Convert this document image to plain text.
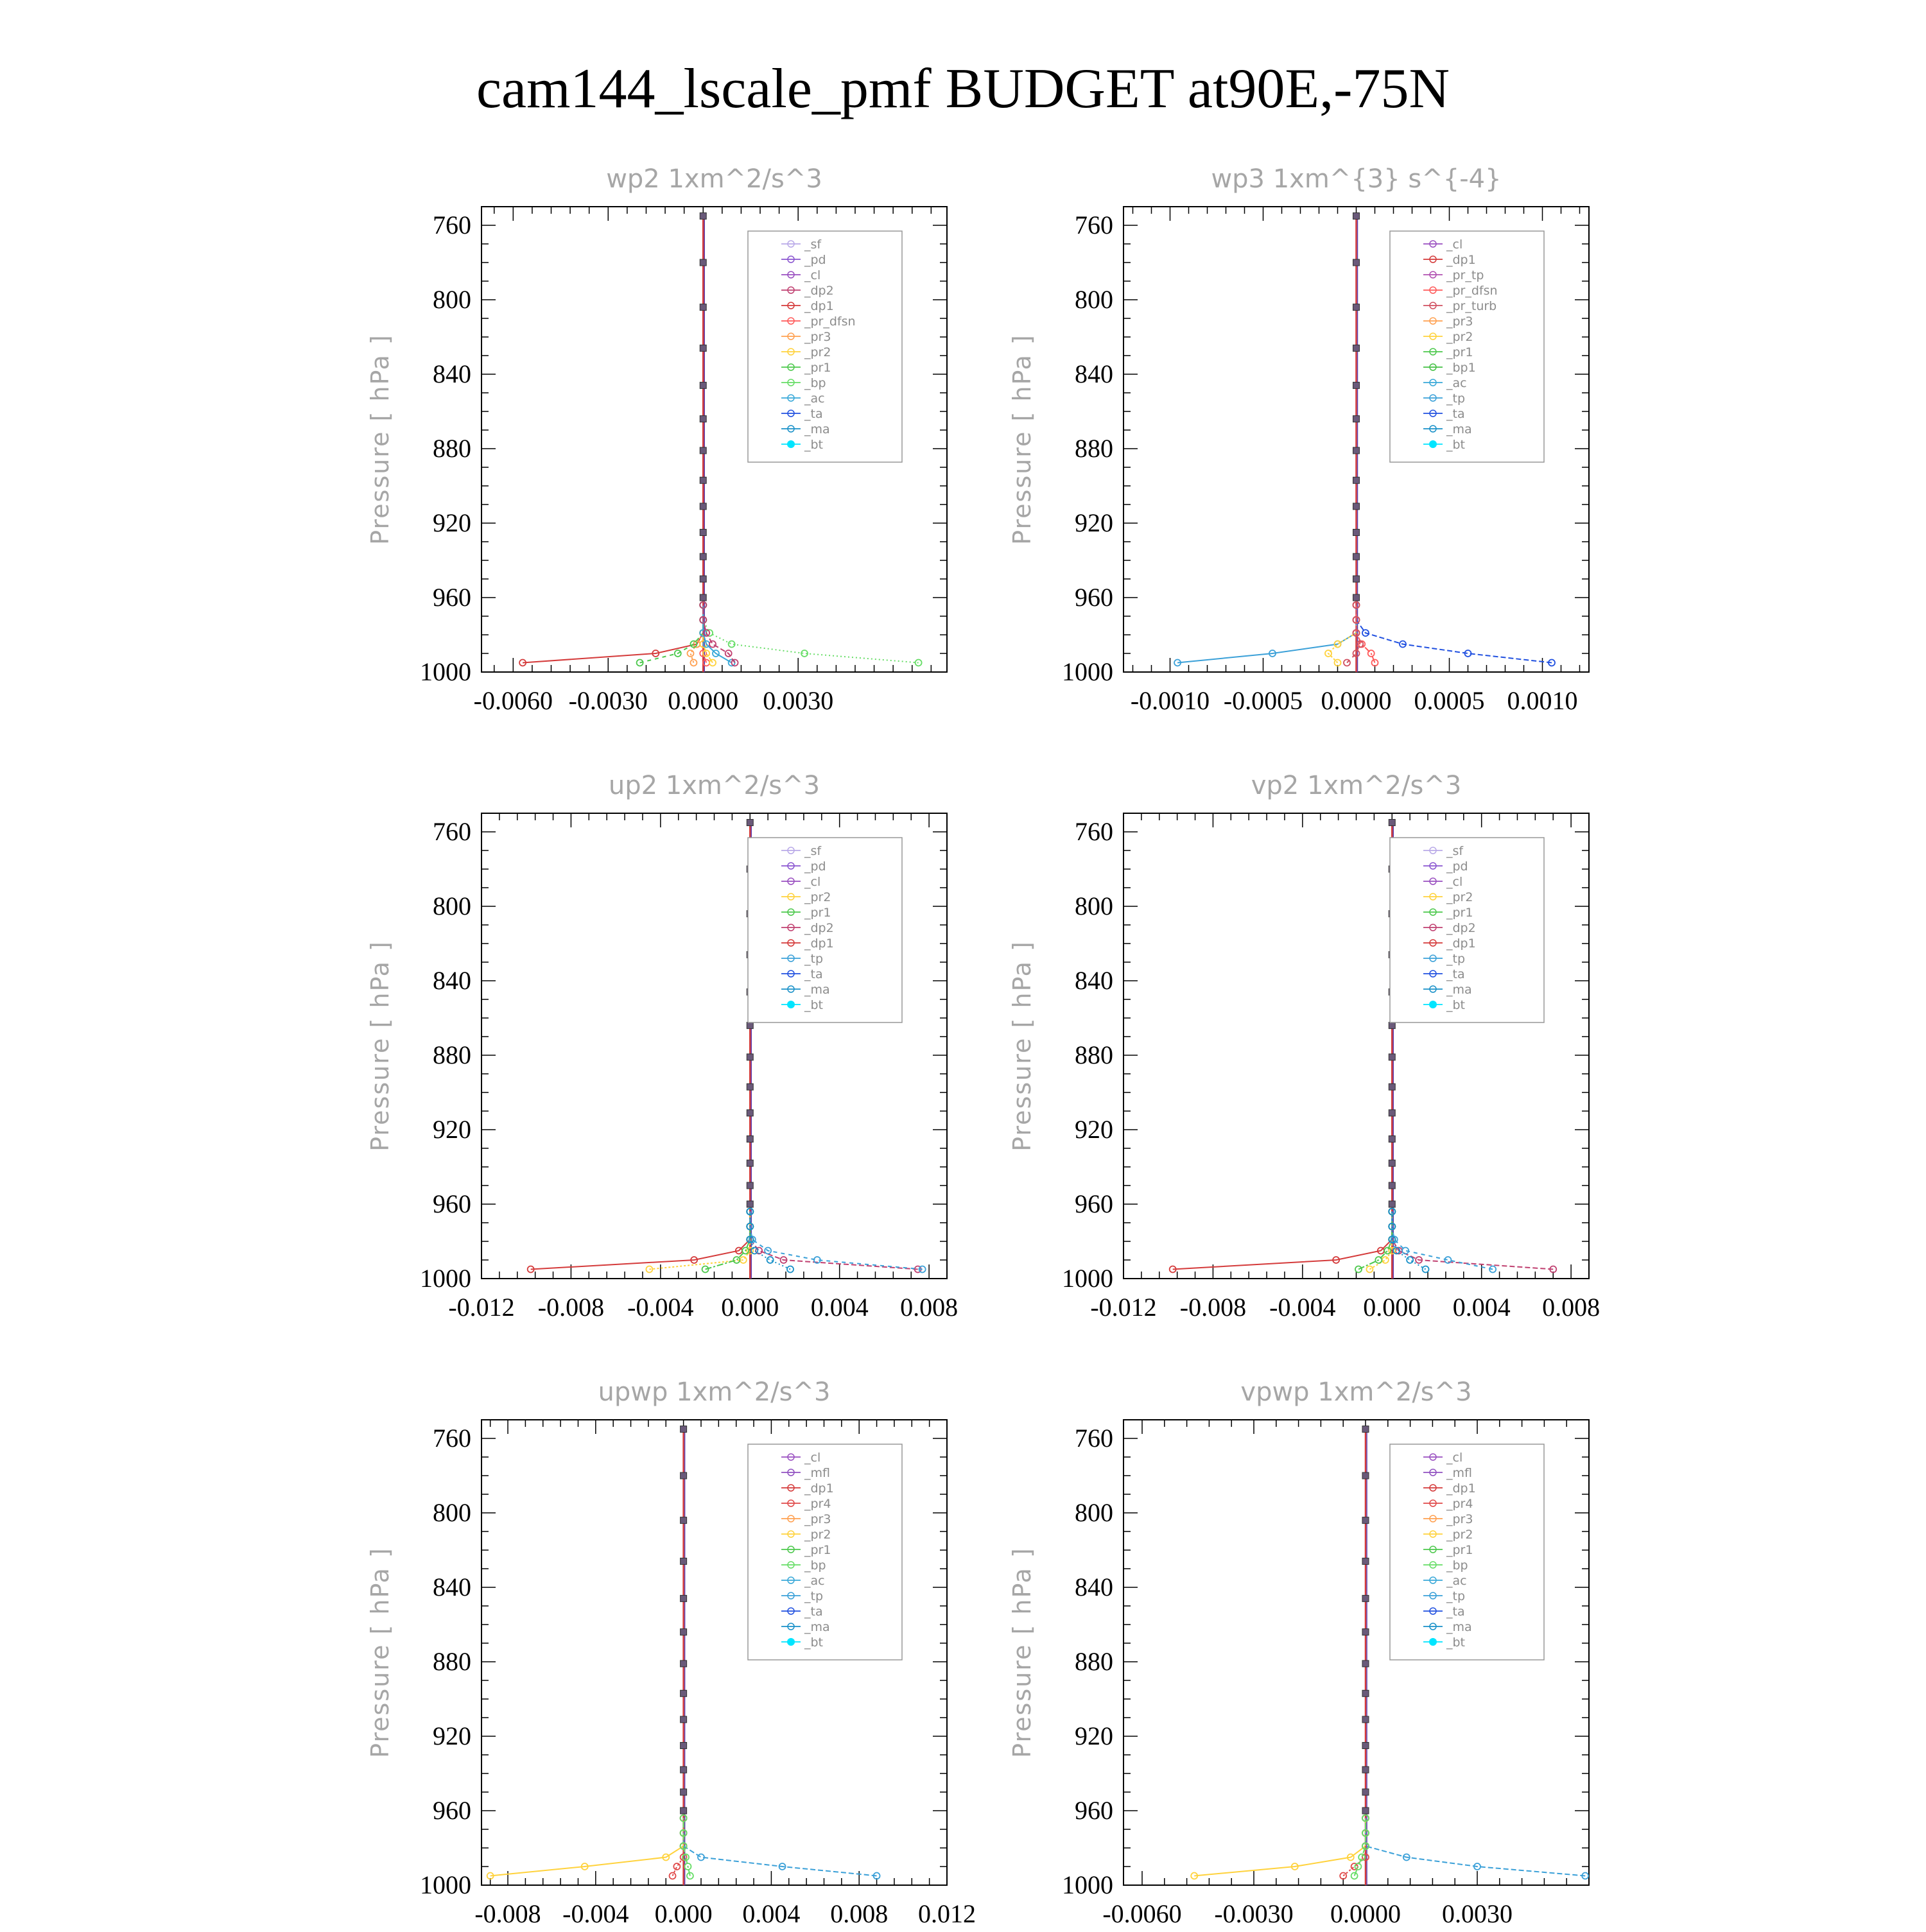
cam144_lscale_pmf BUDGET at90E,-75N
wp2 1xm^2/s^3
Pressure [ hPa ]
760
800
840
880
920
960
1000
-0.0060 -0.0030 0.0000 0.0030
_sf
_pd
_cl
_dp2
_dp1
_pr_dfsn
_pr3
_pr2
_pr1
_bp
_ac
_ta
_ma
_bt
wp3 1xm^{3} s^{-4}
Pressure [ hPa ]
760
800
840
880
920
960
1000
-0.0010 -0.0005 0.0000 0.0005 0.0010
_cl
_dp1
_pr_tp
_pr_dfsn
_pr_turb
_pr3
_pr2
_pr1
_bp1
_ac
_tp
_ta
_ma
_bt
up2 1xm^2/s^3
Pressure [ hPa ]
760
800
840
880
920
960
1000
-0.012 -0.008 -0.004 0.000 0.004 0.008
_sf
_pd
_cl
_pr2
_pr1
_dp2
_dp1
_tp
_ta
_ma
_bt
vp2 1xm^2/s^3
Pressure [ hPa ]
760
800
840
880
920
960
1000
-0.012 -0.008 -0.004 0.000 0.004 0.008
_sf
_pd
_cl
_pr2
_pr1
_dp2
_dp1
_tp
_ta
_ma
_bt
upwp 1xm^2/s^3
Pressure [ hPa ]
760
800
840
880
920
960
1000
-0.008 -0.004 0.000 0.004 0.008 0.012
_cl
_mfl
_dp1
_pr4
_pr3
_pr2
_pr1
_bp
_ac
_tp
_ta
_ma
_bt
vpwp 1xm^2/s^3
Pressure [ hPa ]
760
800
840
880
920
960
1000
-0.0060 -0.0030 0.0000 0.0030
_cl
_mfl
_dp1
_pr4
_pr3
_pr2
_pr1
_bp
_ac
_tp
_ta
_ma
_bt
